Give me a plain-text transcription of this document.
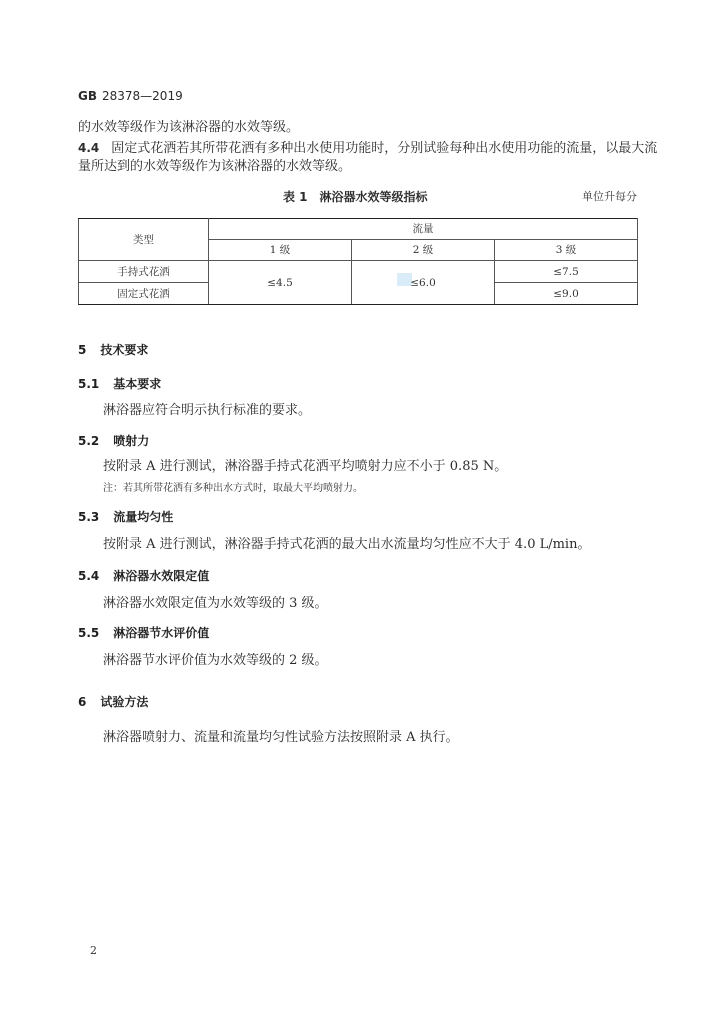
GB 28378—2019
的水效等级作为该淋浴器的水效等级。
4.4 固定式花洒若其所带花洒有多种出水使用功能时，分别试验每种出水使用功能的流量，以最大流
量所达到的水效等级作为该淋浴器的水效等级。
表 1 淋浴器水效等级指标	单位升每分
类型	流量		
	1 级	2 级	3 级
手持式花洒	≤4.5	≤6.0	≤7.5
固定式花洒			≤9.0
5 技术要求
5.1 基本要求
淋浴器应符合明示执行标准的要求。
5.2 喷射力
按附录 A 进行测试，淋浴器手持式花洒平均喷射力应不小于 0.85 N。
注：若其所带花洒有多种出水方式时，取最大平均喷射力。
5.3 流量均匀性
按附录 A 进行测试，淋浴器手持式花洒的最大出水流量均匀性应不大于 4.0 L/min。
5.4 淋浴器水效限定值
淋浴器水效限定值为水效等级的 3 级。
5.5 淋浴器节水评价值
淋浴器节水评价值为水效等级的 2 级。
6 试验方法
淋浴器喷射力、流量和流量均匀性试验方法按照附录 A 执行。
2
